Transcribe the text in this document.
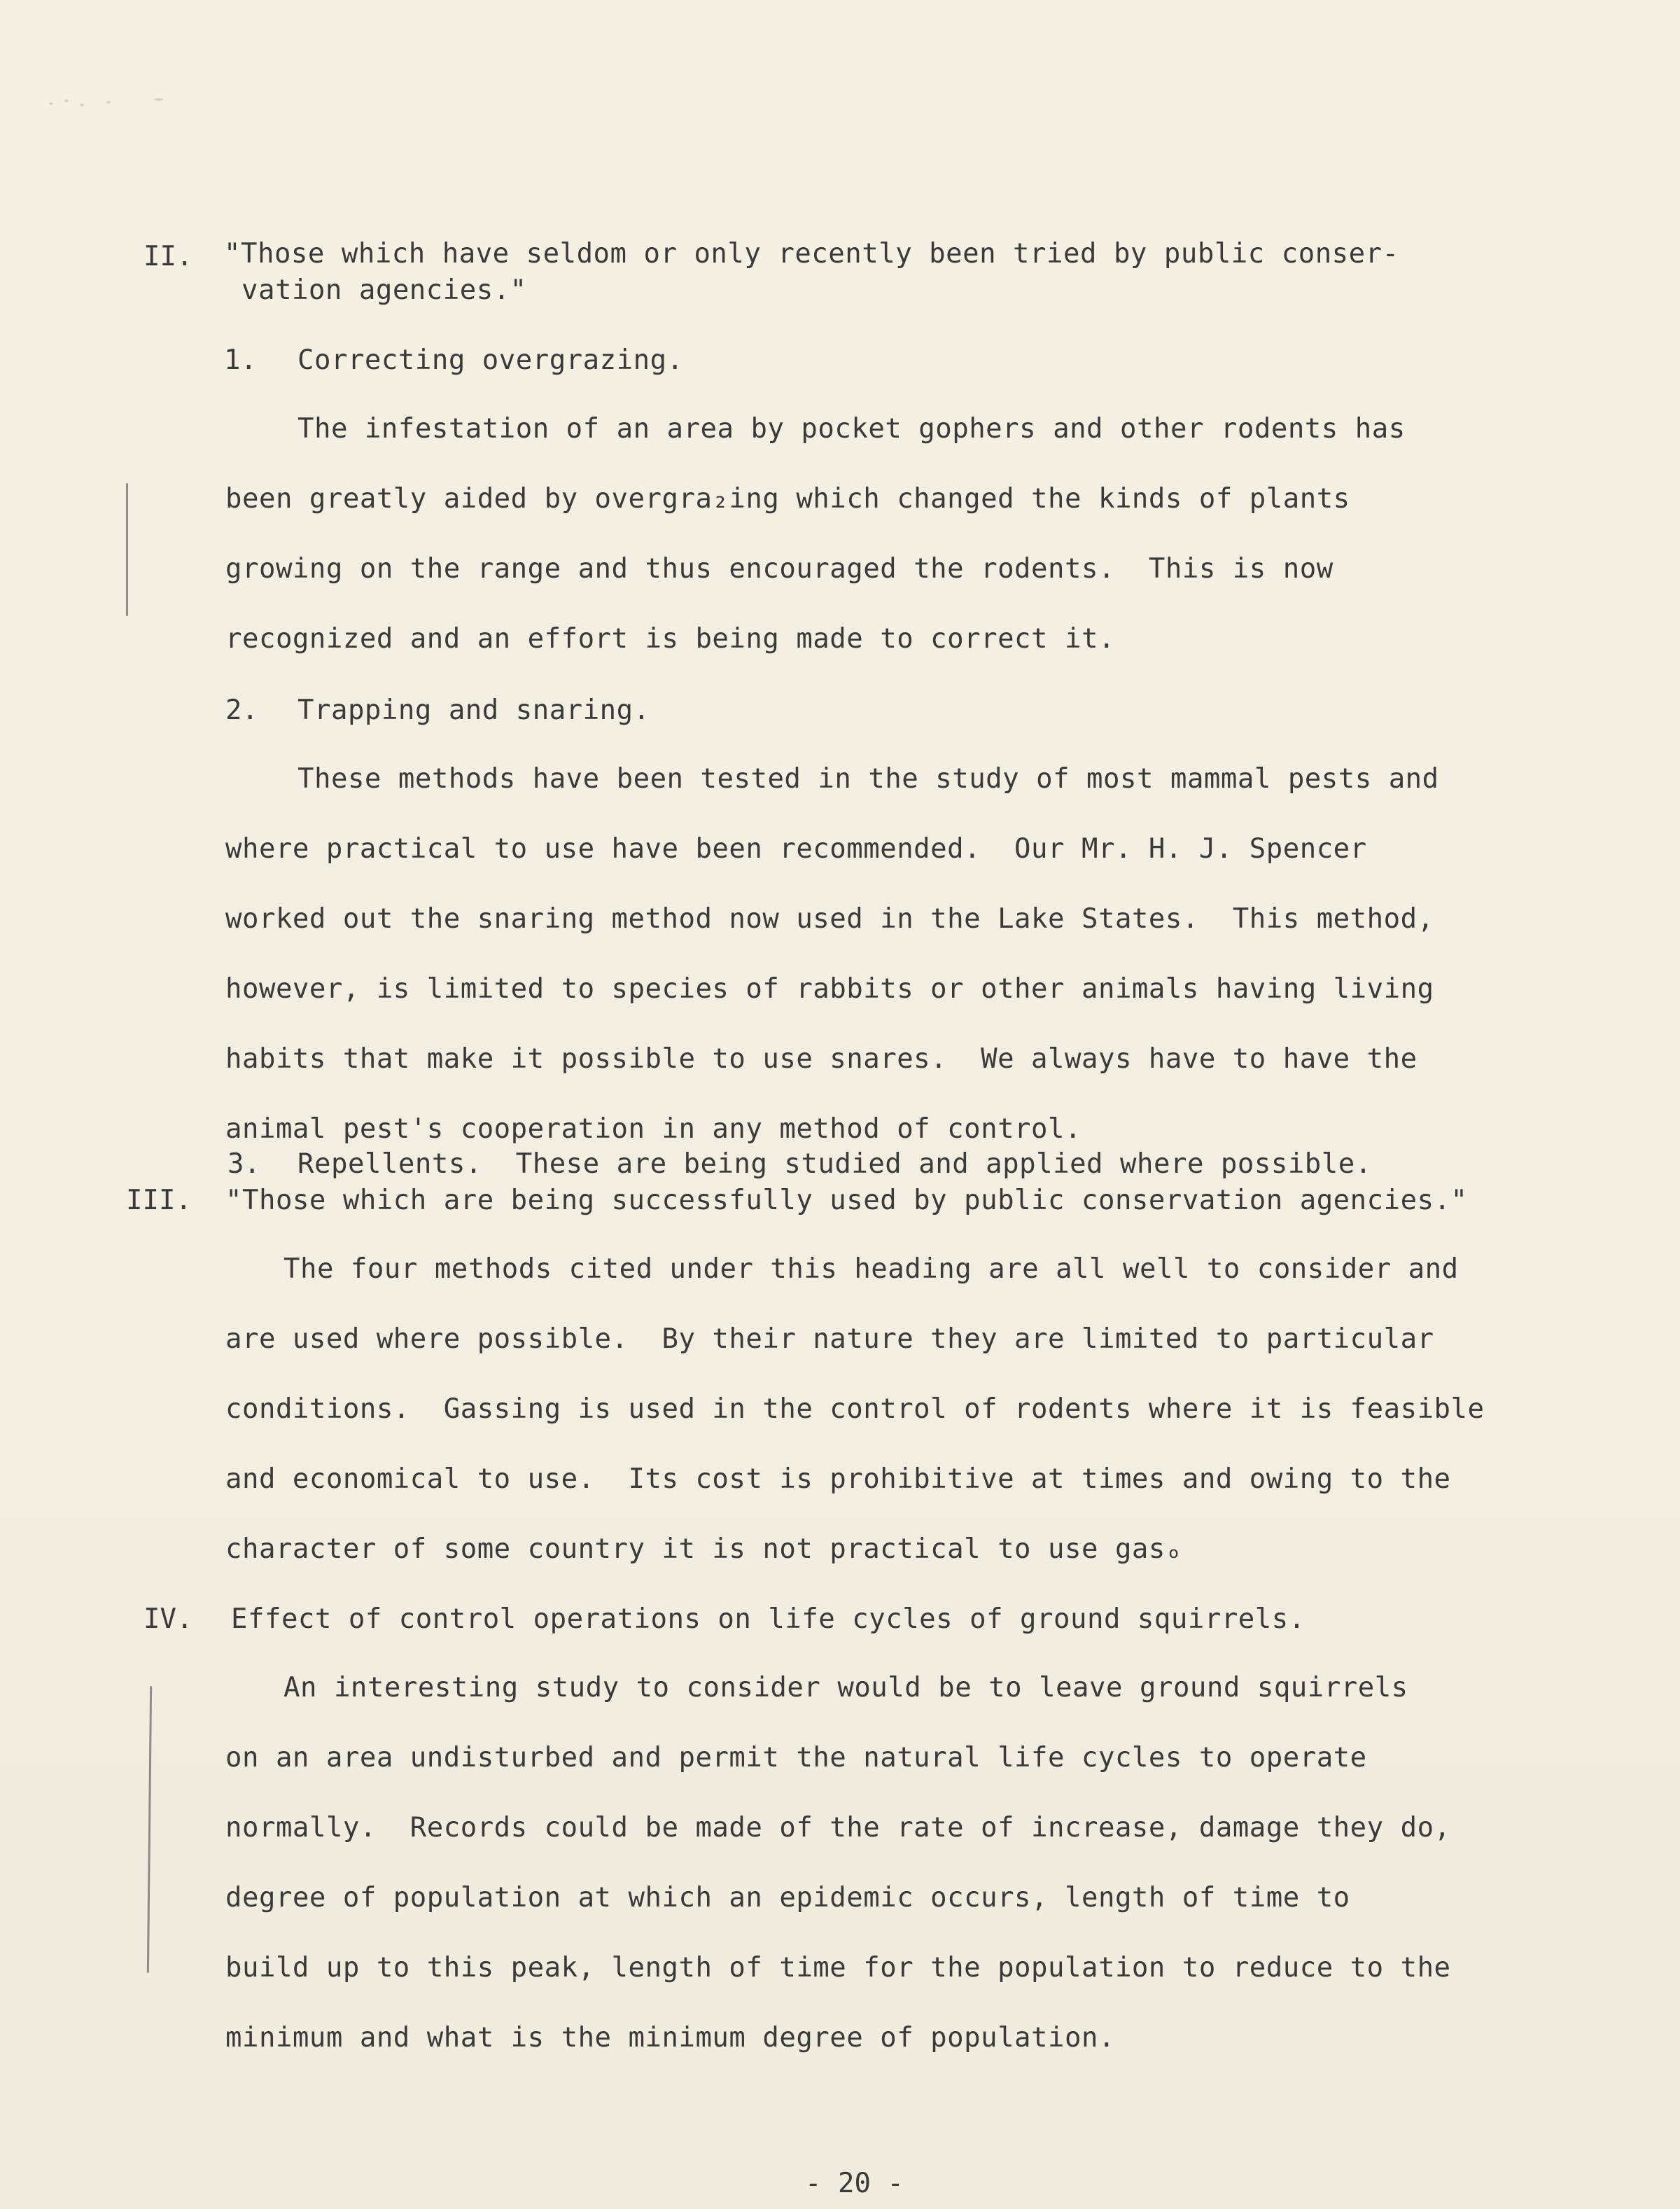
II. "Those which have seldom or only recently been tried by public conser-
vation agencies."
1. Correcting overgrazing.
The infestation of an area by pocket gophers and other rodents has
been greatly aided by overgra₂ing which changed the kinds of plants
growing on the range and thus encouraged the rodents.  This is now
recognized and an effort is being made to correct it.
2. Trapping and snaring.
These methods have been tested in the study of most mammal pests and
where practical to use have been recommended.  Our Mr. H. J. Spencer
worked out the snaring method now used in the Lake States.  This method,
however, is limited to species of rabbits or other animals having living
habits that make it possible to use snares.  We always have to have the
animal pest's cooperation in any method of control.
3. Repellents.  These are being studied and applied where possible.
III. "Those which are being successfully used by public conservation agencies."
The four methods cited under this heading are all well to consider and
are used where possible.  By their nature they are limited to particular
conditions.  Gassing is used in the control of rodents where it is feasible
and economical to use.  Its cost is prohibitive at times and owing to the
character of some country it is not practical to use gasₒ
IV. Effect of control operations on life cycles of ground squirrels.
An interesting study to consider would be to leave ground squirrels
on an area undisturbed and permit the natural life cycles to operate
normally.  Records could be made of the rate of increase, damage they do,
degree of population at which an epidemic occurs, length of time to
build up to this peak, length of time for the population to reduce to the
minimum and what is the minimum degree of population.
- 20 -
